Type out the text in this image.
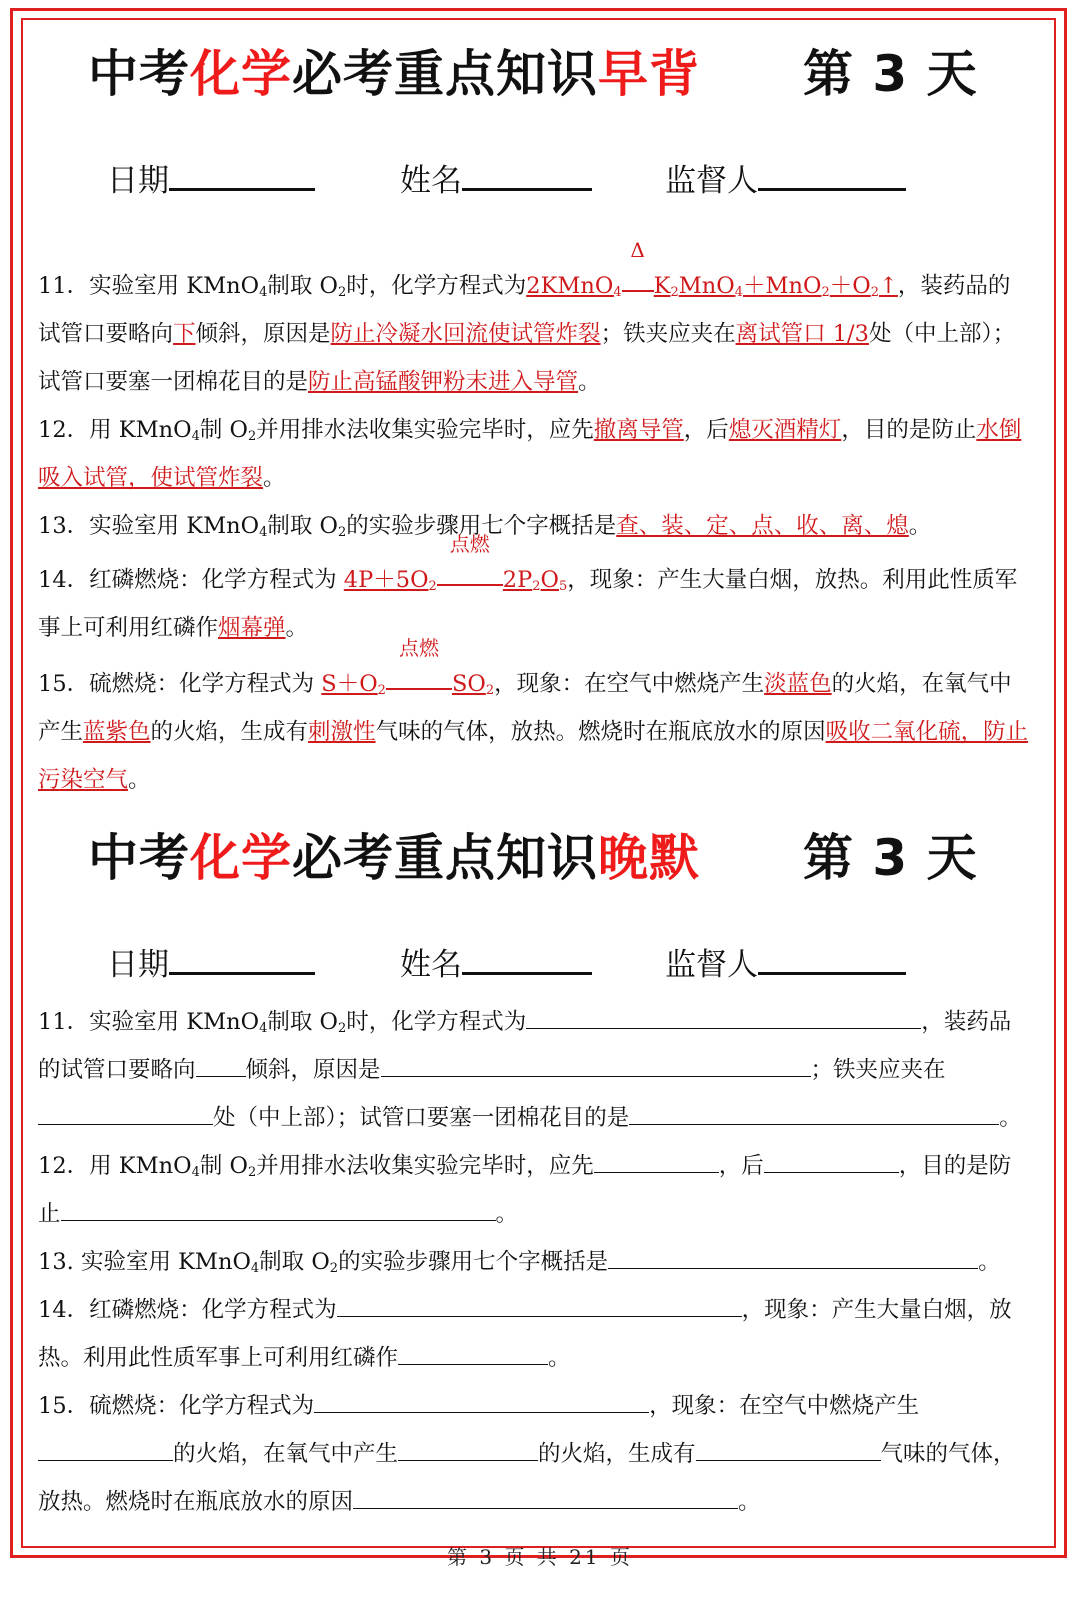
中考化学必考重点知识早背 第 3 天
日期	姓名	监督人

11．实验室用 KMnO$_4$制取 $O_2$时，化学方程式为2KMnO$_4$
Δ
$K_2MnO_4+MnO_2+O_2↑$，装药品的试管口要略向下倾斜，原因是防止冷凝水回流使试管炸裂；铁夹应夹在离试管口 1/3处（中上部）；试管口要塞一团棉花目的是防止高锰酸钾粉末进入导管。

12．用 KMnO$_4$制 $O_2$并用排水法收集实验完毕时，应先撤离导管，后熄灭酒精灯，目的是防止水倒吸入试管，使试管炸裂。

13．实验室用 KMnO$_4$制取 $O_2$的实验步骤用七个字概括是查、装、定、点、收、离、熄。

14．红磷燃烧：化学方程式为 $4P+5O_2$
点燃
$2P_2O_5$，现象：产生大量白烟，放热。利用此性质军事上可利用红磷作烟幕弹。

15．硫燃烧：化学方程式为 $S+O_2$
点燃
$SO_2$，现象：在空气中燃烧产生淡蓝色的火焰，在氧气中产生蓝紫色的火焰，生成有刺激性气味的气体，放热。燃烧时在瓶底放水的原因吸收二氧化硫，防止污染空气。

中考化学必考重点知识晚默 第 3 天
日期	姓名	监督人

11．实验室用 KMnO$_4$制取 $O_2$时，化学方程式为	，装药品的试管口要略向 倾斜，原因是	；铁夹应夹在处（中上部）；试管口要塞一团棉花目的是	。

12．用 KMnO$_4$制 $O_2$并用排水法收集实验完毕时，应先	，后	，目的是防止	。

13. 实验室用 KMnO$_4$制取 $O_2$的实验步骤用七个字概括是	。

14．红磷燃烧：化学方程式为	，现象：产生大量白烟，放热。利用此性质军事上可利用红磷作	。

15．硫燃烧：化学方程式为	，现象：在空气中燃烧产生的火焰，在氧气中产生	的火焰，生成有	气味的气体，放热。燃烧时在瓶底放水的原因	。

第 3 页 共 21 页
